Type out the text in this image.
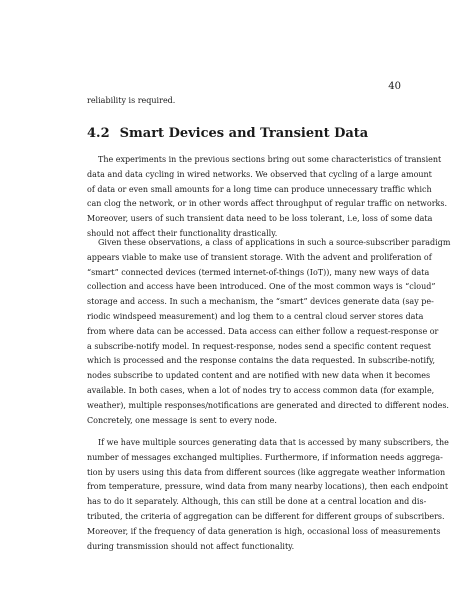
40

reliability is required.

4.2 Smart Devices and Transient Data

The experiments in the previous sections bring out some characteristics of transient
data and data cycling in wired networks. We observed that cycling of a large amount
of data or even small amounts for a long time can produce unnecessary traffic which
can clog the network, or in other words affect throughput of regular traffic on networks.
Moreover, users of such transient data need to be loss tolerant, i.e, loss of some data
should not affect their functionality drastically.

Given these observations, a class of applications in such a source-subscriber paradigm
appears viable to make use of transient storage. With the advent and proliferation of
“smart” connected devices (termed internet-of-things (IoT)), many new ways of data
collection and access have been introduced. One of the most common ways is “cloud”
storage and access. In such a mechanism, the “smart” devices generate data (say pe-
riodic windspeed measurement) and log them to a central cloud server stores data
from where data can be accessed. Data access can either follow a request-response or
a subscribe-notify model. In request-response, nodes send a specific content request
which is processed and the response contains the data requested. In subscribe-notify,
nodes subscribe to updated content and are notified with new data when it becomes
available. In both cases, when a lot of nodes try to access common data (for example,
weather), multiple responses/notifications are generated and directed to different nodes.
Concretely, one message is sent to every node.

If we have multiple sources generating data that is accessed by many subscribers, the
number of messages exchanged multiplies. Furthermore, if information needs aggrega-
tion by users using this data from different sources (like aggregate weather information
from temperature, pressure, wind data from many nearby locations), then each endpoint
has to do it separately. Although, this can still be done at a central location and dis-
tributed, the criteria of aggregation can be different for different groups of subscribers.
Moreover, if the frequency of data generation is high, occasional loss of measurements
during transmission should not affect functionality.
